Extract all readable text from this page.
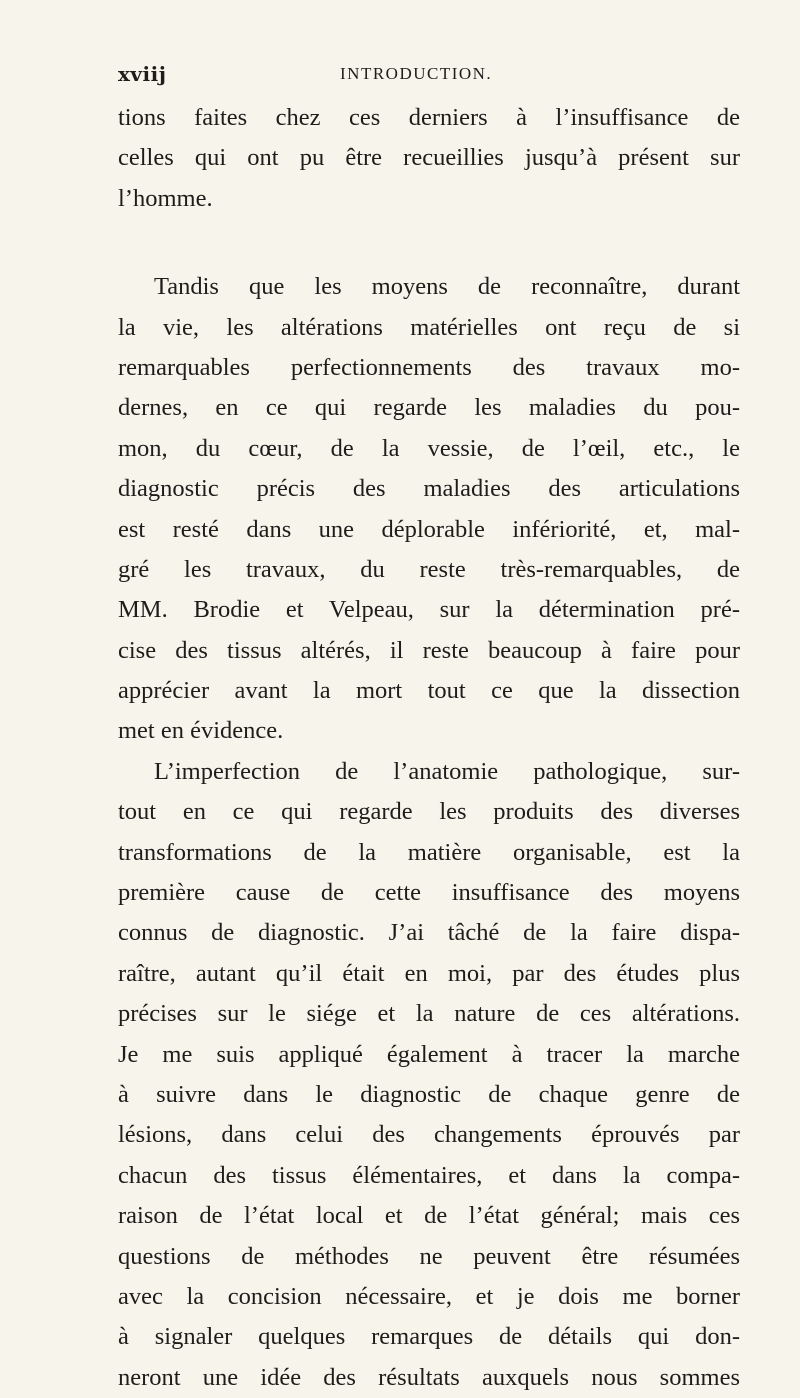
xviij	INTRODUCTION.
tions faites chez ces derniers à l’insuffisance de
celles qui ont pu être recueillies jusqu’à présent sur
l’homme.
Tandis que les moyens de reconnaître, durant
la vie, les altérations matérielles ont reçu de si
remarquables perfectionnements des travaux mo-
dernes, en ce qui regarde les maladies du pou-
mon, du cœur, de la vessie, de l’œil, etc., le
diagnostic précis des maladies des articulations
est resté dans une déplorable infériorité, et, mal-
gré les travaux, du reste très-remarquables, de
MM. Brodie et Velpeau, sur la détermination pré-
cise des tissus altérés, il reste beaucoup à faire pour
apprécier avant la mort tout ce que la dissection
met en évidence.
L’imperfection de l’anatomie pathologique, sur-
tout en ce qui regarde les produits des diverses
transformations de la matière organisable, est la
première cause de cette insuffisance des moyens
connus de diagnostic. J’ai tâché de la faire dispa-
raître, autant qu’il était en moi, par des études plus
précises sur le siége et la nature de ces altérations.
Je me suis appliqué également à tracer la marche
à suivre dans le diagnostic de chaque genre de
lésions, dans celui des changements éprouvés par
chacun des tissus élémentaires, et dans la compa-
raison de l’état local et de l’état général; mais ces
questions de méthodes ne peuvent être résumées
avec la concision nécessaire, et je dois me borner
à signaler quelques remarques de détails qui don-
neront une idée des résultats auxquels nous sommes
